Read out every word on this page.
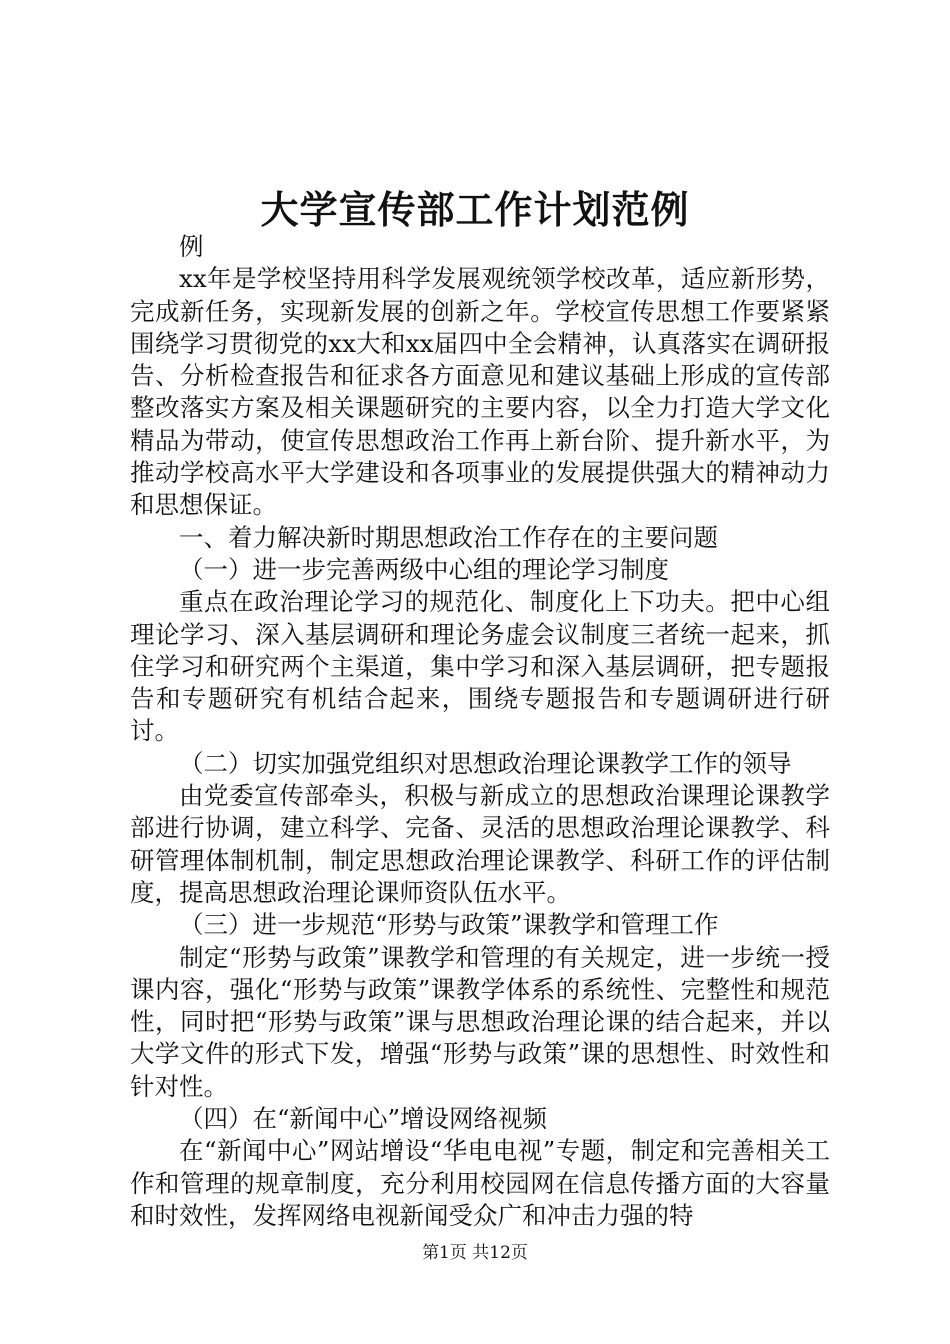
大学宣传部工作计划范例

例

xx年是学校坚持用科学发展观统领学校改革，适应新形势，完成新任务，实现新发展的创新之年。学校宣传思想工作要紧紧围绕学习贯彻党的xx大和xx届四中全会精神，认真落实在调研报告、分析检查报告和征求各方面意见和建议基础上形成的宣传部整改落实方案及相关课题研究的主要内容，以全力打造大学文化精品为带动，使宣传思想政治工作再上新台阶、提升新水平，为推动学校高水平大学建设和各项事业的发展提供强大的精神动力和思想保证。

一、着力解决新时期思想政治工作存在的主要问题

（一）进一步完善两级中心组的理论学习制度

重点在政治理论学习的规范化、制度化上下功夫。把中心组理论学习、深入基层调研和理论务虚会议制度三者统一起来，抓住学习和研究两个主渠道，集中学习和深入基层调研，把专题报告和专题研究有机结合起来，围绕专题报告和专题调研进行研讨。

（二）切实加强党组织对思想政治理论课教学工作的领导

由党委宣传部牵头，积极与新成立的思想政治课理论课教学部进行协调，建立科学、完备、灵活的思想政治理论课教学、科研管理体制机制，制定思想政治理论课教学、科研工作的评估制度，提高思想政治理论课师资队伍水平。

（三）进一步规范“形势与政策”课教学和管理工作

制定“形势与政策”课教学和管理的有关规定，进一步统一授课内容，强化“形势与政策”课教学体系的系统性、完整性和规范性，同时把“形势与政策”课与思想政治理论课的结合起来，并以大学文件的形式下发，增强“形势与政策”课的思想性、时效性和针对性。

（四）在“新闻中心”增设网络视频

在“新闻中心”网站增设“华电电视”专题，制定和完善相关工作和管理的规章制度，充分利用校园网在信息传播方面的大容量和时效性，发挥网络电视新闻受众广和冲击力强的特

第1页 共12页
